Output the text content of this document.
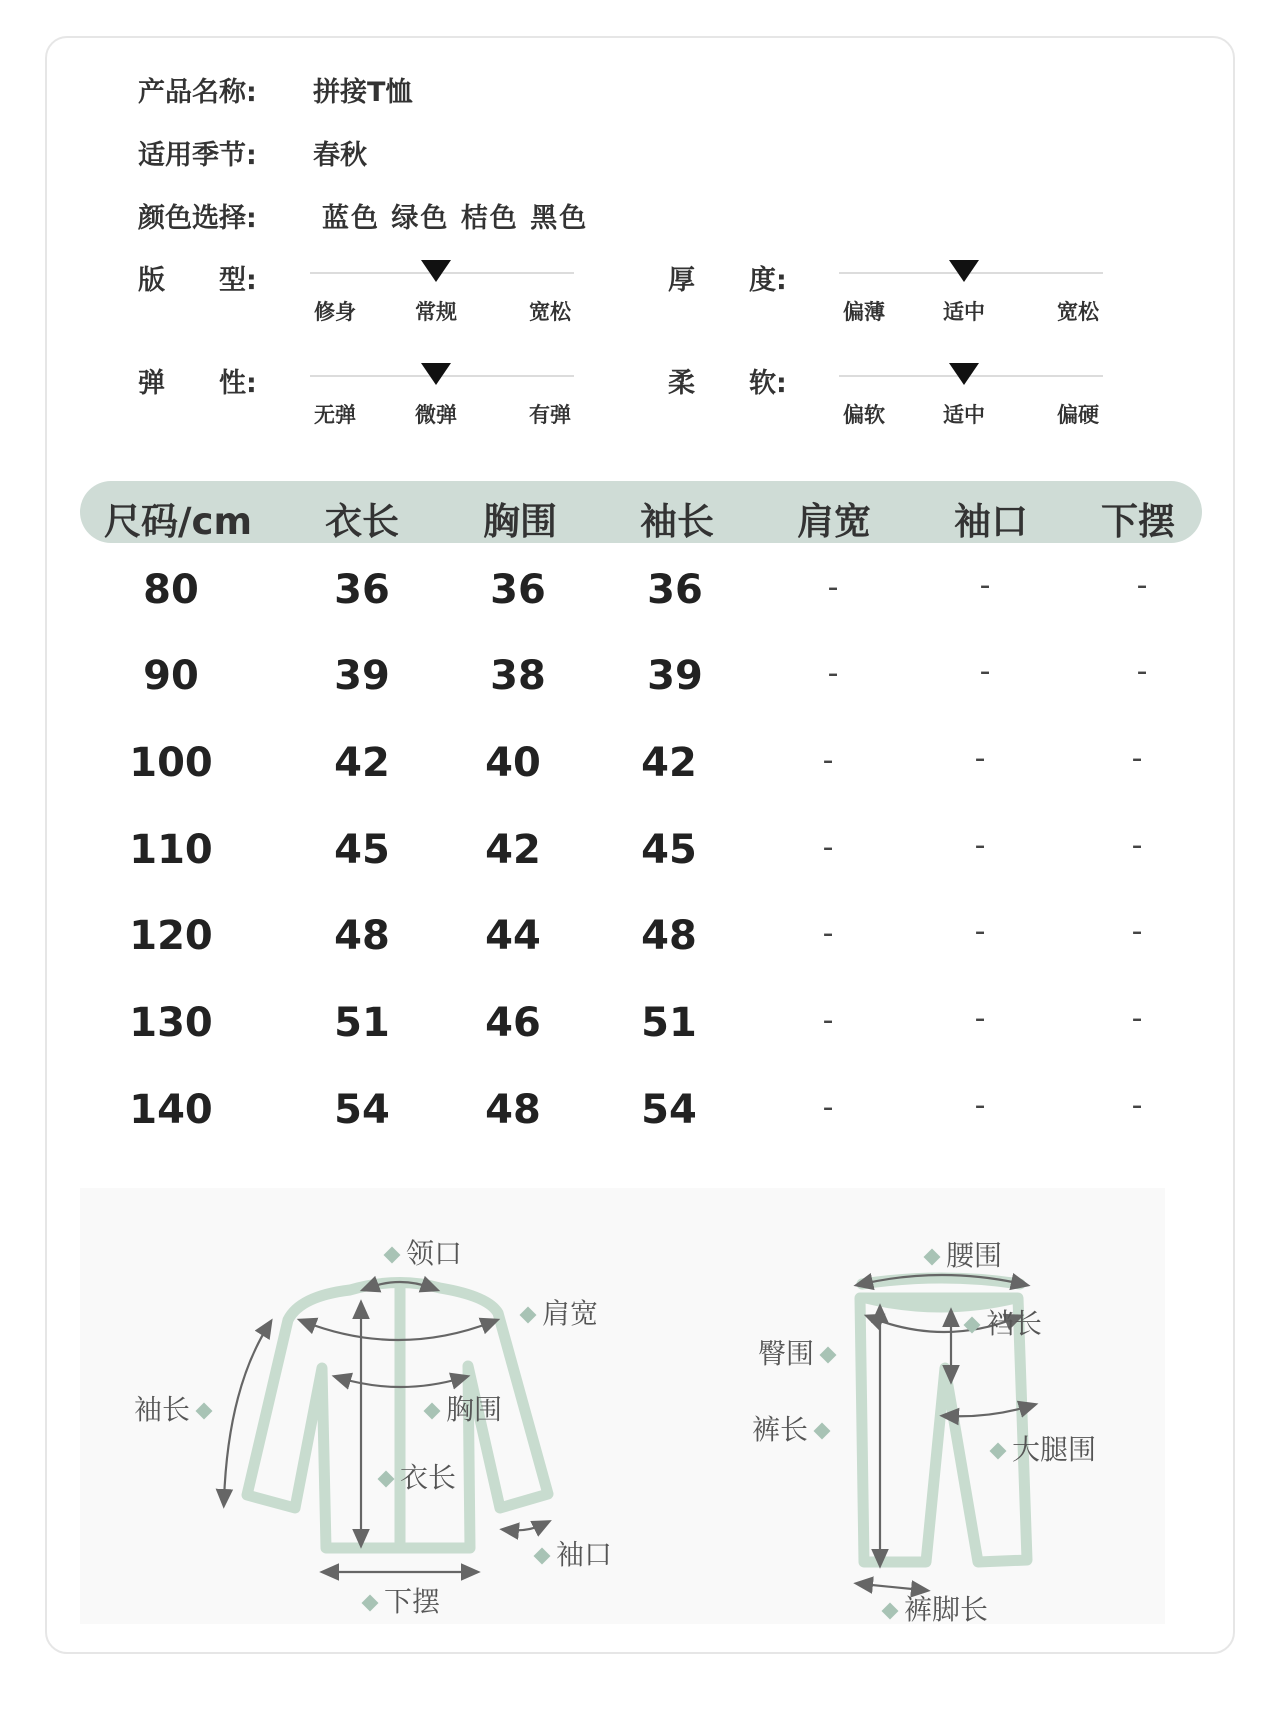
产品名称: 拼接T恤
适用季节: 春秋
颜色选择: 蓝色 绿色 桔色 黑色
版　　型:
修身	常规	宽松
厚　　度:
偏薄	适中	宽松
弹　　性:
无弹	微弹	有弹
柔　　软:
偏软	适中	偏硬
尺码/cm 衣长 胸围 袖长 肩宽 袖口 下摆
80	36	36	36	-	-	-
90	39	38	39	-	-	-
100	42 40	42	-	-	-
110	45 42	45	-	-	-
120	48 44	48	-	-	-
130	51 46	51	-	-	-
140	54 48	54	-	-	-
领口
肩宽
袖长	胸围
衣长
袖口
下摆
腰围
裆长
臀围
裤长
大腿围
裤脚长
